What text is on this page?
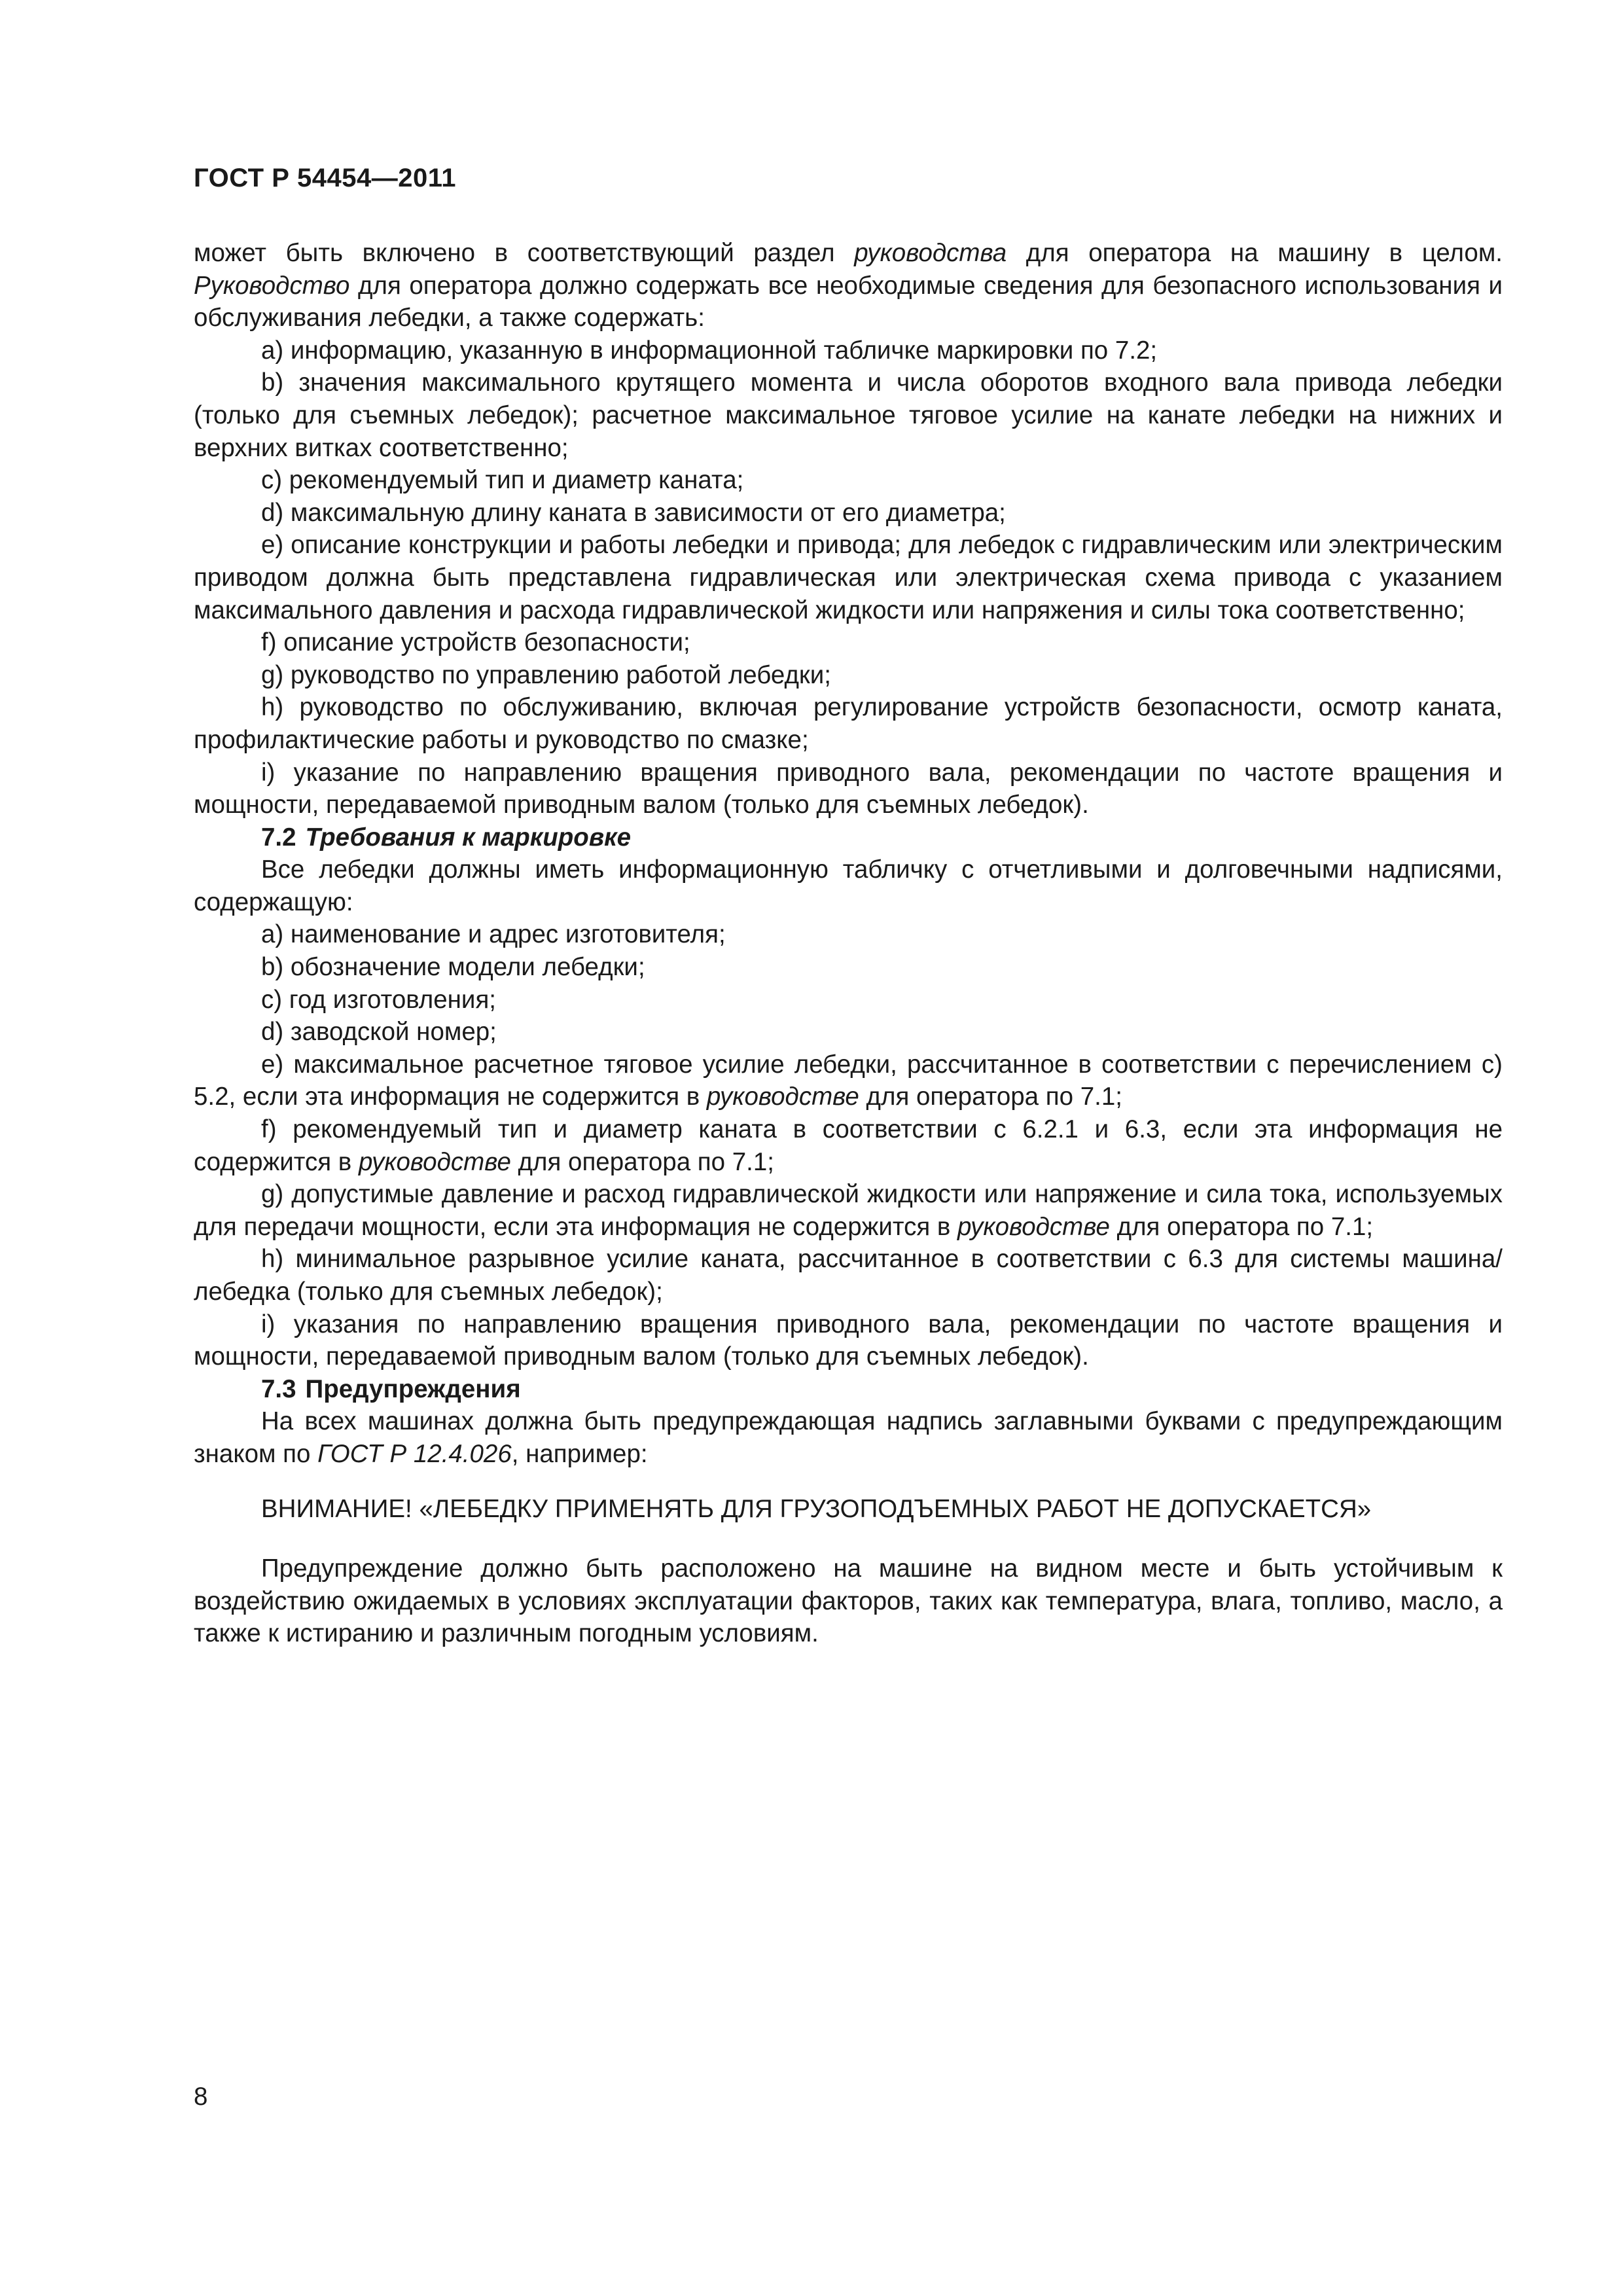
ГОСТ Р 54454—2011

может быть включено в соответствующий раздел руководства для оператора на машину в целом. Руководство для оператора должно содержать все необходимые сведения для безопасного использования и обслуживания лебедки, а также содержать:

а) информацию, указанную в информационной табличке маркировки по 7.2;

b) значения максимального крутящего момента и числа оборотов входного вала привода лебедки (только для съемных лебедок); расчетное максимальное тяговое усилие на канате лебедки на нижних и верхних витках соответственно;

с) рекомендуемый тип и диаметр каната;

d) максимальную длину каната в зависимости от его диаметра;

е) описание конструкции и работы лебедки и привода; для лебедок с гидравлическим или электрическим приводом должна быть представлена гидравлическая или электрическая схема привода с указанием максимального давления и расхода гидравлической жидкости или напряжения и силы тока соответственно;

f) описание устройств безопасности;

g) руководство по управлению работой лебедки;

h) руководство по обслуживанию, включая регулирование устройств безопасности, осмотр каната, профилактические работы и руководство по смазке;

i) указание по направлению вращения приводного вала, рекомендации по частоте вращения и мощности, передаваемой приводным валом (только для съемных лебедок).

7.2 Требования к маркировке

Все лебедки должны иметь информационную табличку с отчетливыми и долговечными надписями, содержащую:

а) наименование и адрес изготовителя;

b) обозначение модели лебедки;

с) год изготовления;

d) заводской номер;

е) максимальное расчетное тяговое усилие лебедки, рассчитанное в соответствии с перечислением с) 5.2, если эта информация не содержится в руководстве для оператора по 7.1;

f) рекомендуемый тип и диаметр каната в соответствии с 6.2.1 и 6.3, если эта информация не содержится в руководстве для оператора по 7.1;

g) допустимые давление и расход гидравлической жидкости или напряжение и сила тока, используемых для передачи мощности, если эта информация не содержится в руководстве для оператора по 7.1;

h) минимальное разрывное усилие каната, рассчитанное в соответствии с 6.3 для системы машина/лебедка (только для съемных лебедок);

i) указания по направлению вращения приводного вала, рекомендации по частоте вращения и мощности, передаваемой приводным валом (только для съемных лебедок).

7.3 Предупреждения

На всех машинах должна быть предупреждающая надпись заглавными буквами с предупреждающим знаком по ГОСТ Р 12.4.026, например:

ВНИМАНИЕ! «ЛЕБЕДКУ ПРИМЕНЯТЬ ДЛЯ ГРУЗОПОДЪЕМНЫХ РАБОТ НЕ ДОПУСКАЕТСЯ»

Предупреждение должно быть расположено на машине на видном месте и быть устойчивым к воздействию ожидаемых в условиях эксплуатации факторов, таких как температура, влага, топливо, масло, а также к истиранию и различным погодным условиям.

8
